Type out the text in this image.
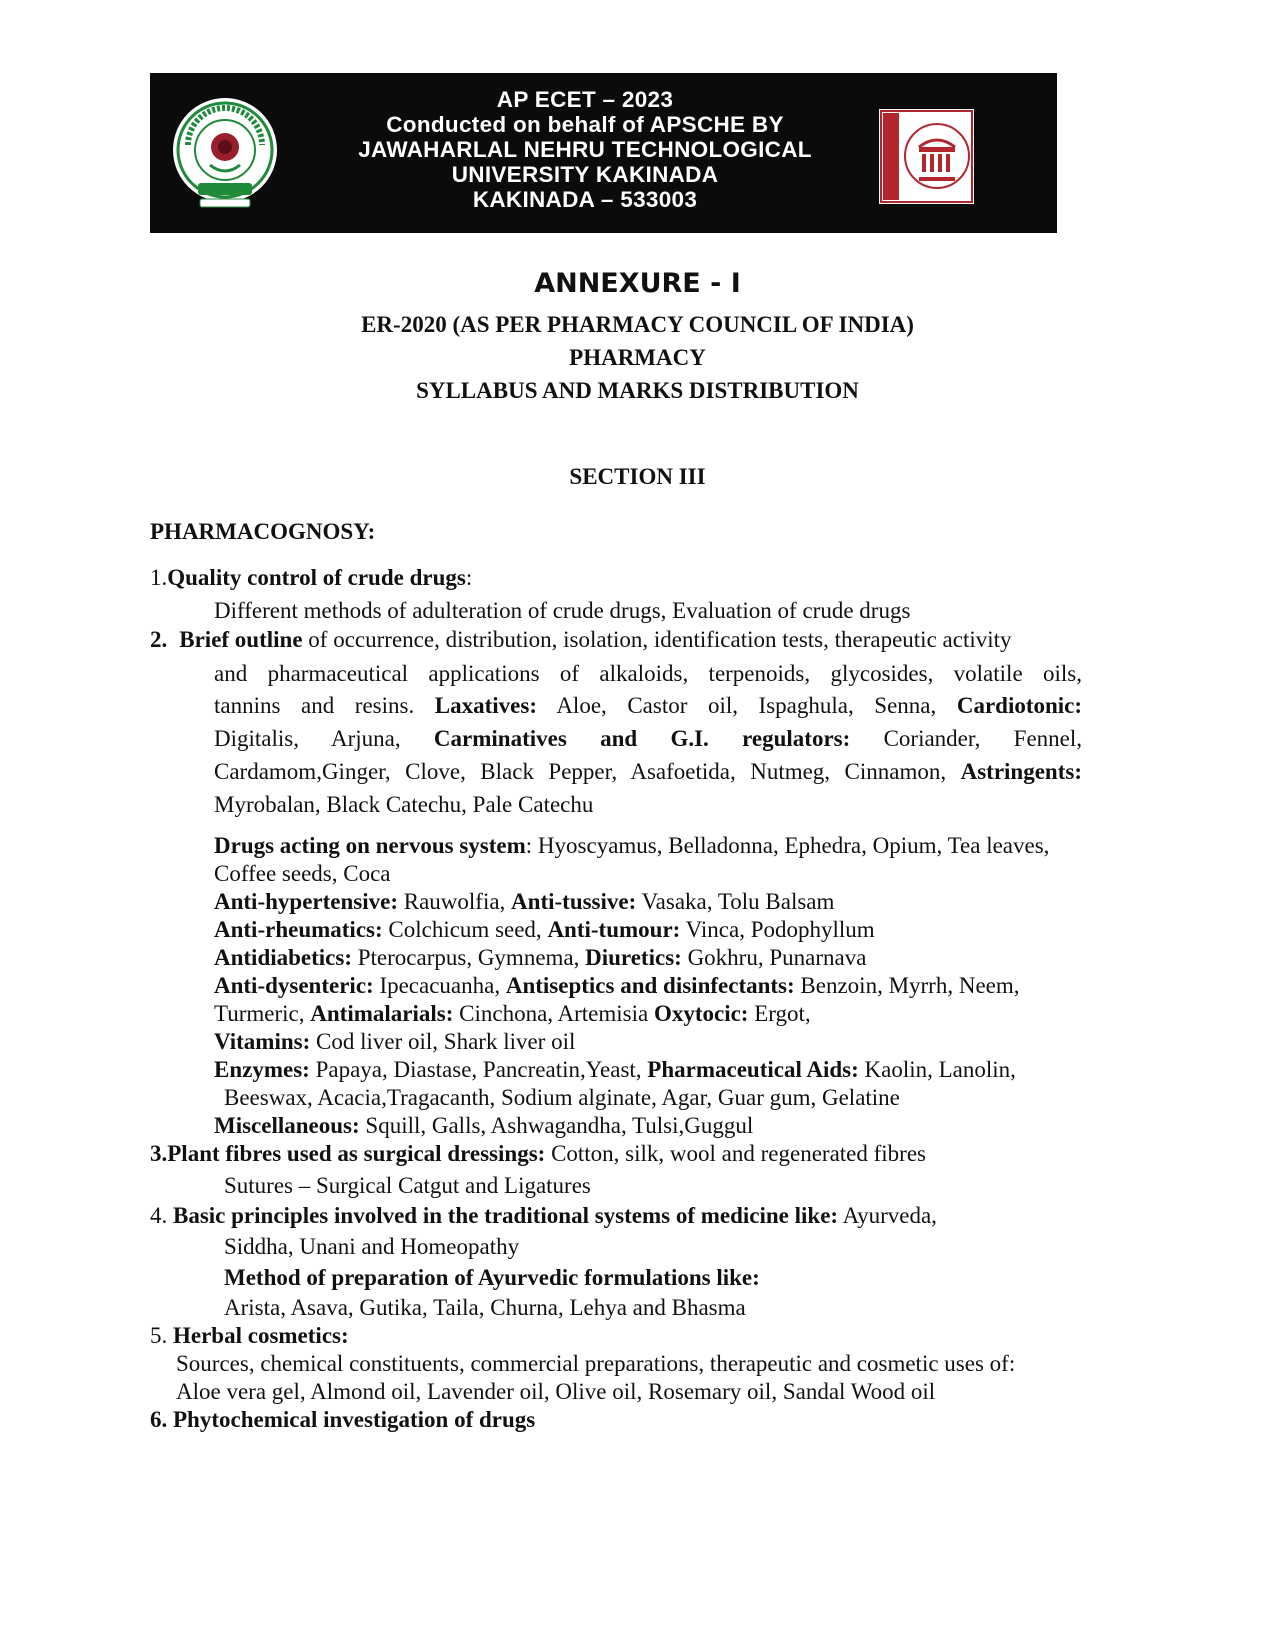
AP ECET – 2023
Conducted on behalf of APSCHE BY
JAWAHARLAL NEHRU TECHNOLOGICAL
UNIVERSITY KAKINADA
KAKINADA – 533003
ANNEXURE - I
ER-2020 (AS PER PHARMACY COUNCIL OF INDIA)
PHARMACY
SYLLABUS AND MARKS DISTRIBUTION
SECTION III
PHARMACOGNOSY:
1.Quality control of crude drugs:
Different methods of adulteration of crude drugs, Evaluation of crude drugs
2. Brief outline of occurrence, distribution, isolation, identification tests, therapeutic activity
and pharmaceutical applications of alkaloids, terpenoids, glycosides, volatile oils,
tannins and resins. Laxatives: Aloe, Castor oil, Ispaghula, Senna, Cardiotonic:
Digitalis, Arjuna, Carminatives and G.I. regulators: Coriander, Fennel,
Cardamom,Ginger, Clove, Black Pepper, Asafoetida, Nutmeg, Cinnamon, Astringents:
Myrobalan, Black Catechu, Pale Catechu
Drugs acting on nervous system: Hyoscyamus, Belladonna, Ephedra, Opium, Tea leaves,
Coffee seeds, Coca
Anti-hypertensive: Rauwolfia, Anti-tussive: Vasaka, Tolu Balsam
Anti-rheumatics: Colchicum seed, Anti-tumour: Vinca, Podophyllum
Antidiabetics: Pterocarpus, Gymnema, Diuretics: Gokhru, Punarnava
Anti-dysenteric: Ipecacuanha, Antiseptics and disinfectants: Benzoin, Myrrh, Neem,
Turmeric, Antimalarials: Cinchona, Artemisia Oxytocic: Ergot,
Vitamins: Cod liver oil, Shark liver oil
Enzymes: Papaya, Diastase, Pancreatin,Yeast, Pharmaceutical Aids: Kaolin, Lanolin,
Beeswax, Acacia,Tragacanth, Sodium alginate, Agar, Guar gum, Gelatine
Miscellaneous: Squill, Galls, Ashwagandha, Tulsi,Guggul
3.Plant fibres used as surgical dressings: Cotton, silk, wool and regenerated fibres
Sutures – Surgical Catgut and Ligatures
4. Basic principles involved in the traditional systems of medicine like: Ayurveda,
Siddha, Unani and Homeopathy
Method of preparation of Ayurvedic formulations like:
Arista, Asava, Gutika, Taila, Churna, Lehya and Bhasma
5. Herbal cosmetics:
Sources, chemical constituents, commercial preparations, therapeutic and cosmetic uses of:
Aloe vera gel, Almond oil, Lavender oil, Olive oil, Rosemary oil, Sandal Wood oil
6. Phytochemical investigation of drugs
